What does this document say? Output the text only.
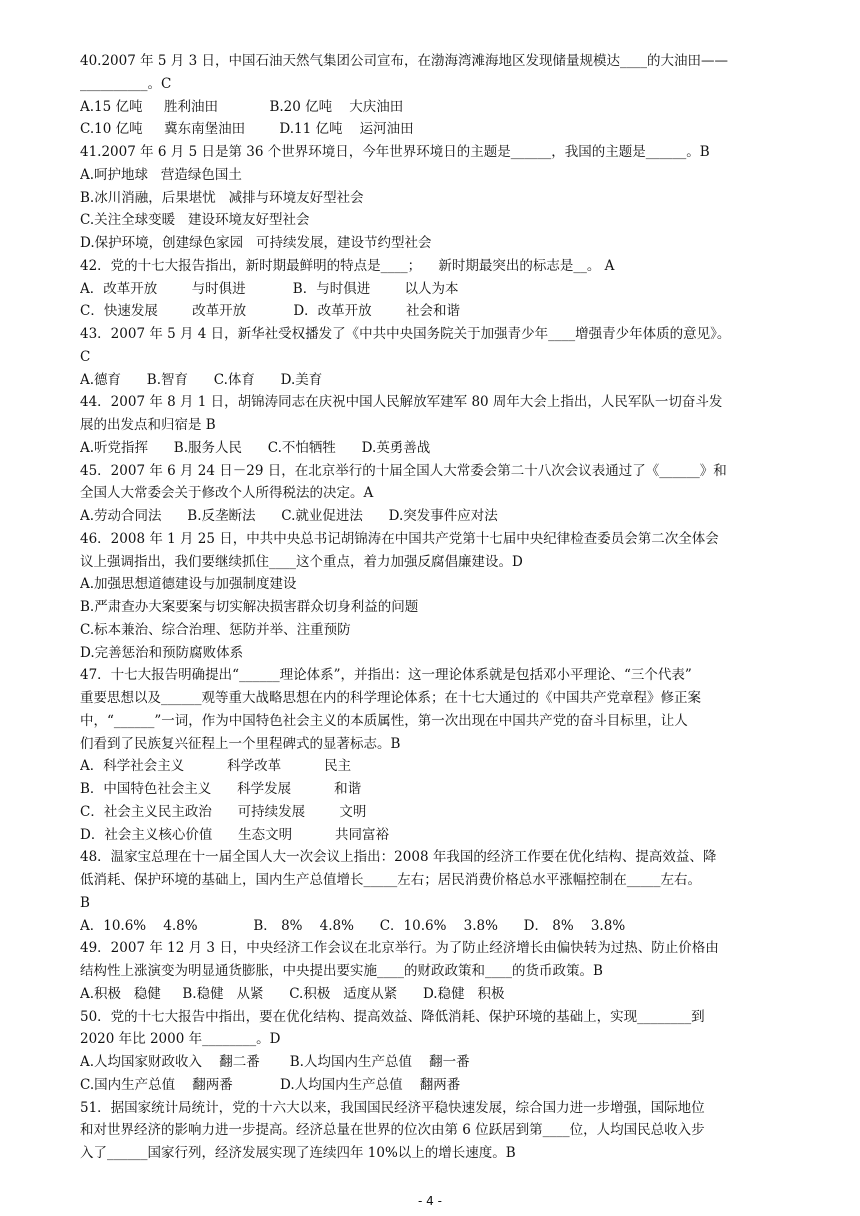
40.2007 年 5 月 3 日，中国石油天然气集团公司宣布，在渤海湾滩海地区发现储量规模达____的大油田——
__________。C
A.15 亿吨     胜利油田            B.20 亿吨    大庆油田
C.10 亿吨     冀东南堡油田        D.11 亿吨    运河油田
41.2007 年 6 月 5 日是第 36 个世界环境日，今年世界环境日的主题是______，我国的主题是______。B
A.呵护地球   营造绿色国土
B.冰川消融，后果堪忧   减排与环境友好型社会
C.关注全球变暖   建设环境友好型社会
D.保护环境，创建绿色家园   可持续发展，建设节约型社会
42．党的十七大报告指出，新时期最鲜明的特点是____；    新时期最突出的标志是__。 A
A．改革开放        与时俱进           B．与时俱进        以人为本
C．快速发展        改革开放           D．改革开放        社会和谐
43．2007 年 5 月 4 日，新华社受权播发了《中共中央国务院关于加强青少年____增强青少年体质的意见》。
C
A.德育      B.智育      C.体育      D.美育
44．2007 年 8 月 1 日，胡锦涛同志在庆祝中国人民解放军建军 80 周年大会上指出，人民军队一切奋斗发
展的出发点和归宿是 B
A.听党指挥      B.服务人民      C.不怕牺牲      D.英勇善战
45．2007 年 6 月 24 日－29 日，在北京举行的十届全国人大常委会第二十八次会议表通过了《______》和
全国人大常委会关于修改个人所得税法的决定。A
A.劳动合同法      B.反垄断法      C.就业促进法      D.突发事件应对法
46．2008 年 1 月 25 日，中共中央总书记胡锦涛在中国共产党第十七届中央纪律检查委员会第二次全体会
议上强调指出，我们要继续抓住____这个重点，着力加强反腐倡廉建设。D
A.加强思想道德建设与加强制度建设
B.严肃查办大案要案与切实解决损害群众切身利益的问题
C.标本兼治、综合治理、惩防并举、注重预防
D.完善惩治和预防腐败体系
47．十七大报告明确提出“______理论体系”，并指出：这一理论体系就是包括邓小平理论、“三个代表”
重要思想以及______观等重大战略思想在内的科学理论体系；在十七大通过的《中国共产党章程》修正案
中，“______”一词，作为中国特色社会主义的本质属性，第一次出现在中国共产党的奋斗目标里，让人
们看到了民族复兴征程上一个里程碑式的显著标志。B
A．科学社会主义          科学改革          民主
B．中国特色社会主义      科学发展          和谐
C．社会主义民主政治      可持续发展        文明
D．社会主义核心价值      生态文明          共同富裕
48．温家宝总理在十一届全国人大一次会议上指出：2008 年我国的经济工作要在优化结构、提高效益、降
低消耗、保护环境的基础上，国内生产总值增长_____左右；居民消费价格总水平涨幅控制在_____左右。
B
A．10.6%    4.8%             B． 8%    4.8%      C．10.6%    3.8%      D． 8%    3.8%
49．2007 年 12 月 3 日，中央经济工作会议在北京举行。为了防止经济增长由偏快转为过热、防止价格由
结构性上涨演变为明显通货膨胀，中央提出要实施____的财政政策和____的货币政策。B
A.积极   稳健     B.稳健   从紧      C.积极   适度从紧      D.稳健   积极
50．党的十七大报告中指出，要在优化结构、提高效益、降低消耗、保护环境的基础上，实现________到
2020 年比 2000 年________。D
A.人均国家财政收入    翻二番       B.人均国内生产总值    翻一番
C.国内生产总值    翻两番           D.人均国内生产总值    翻两番
51．据国家统计局统计，党的十六大以来，我国国民经济平稳快速发展，综合国力进一步增强，国际地位
和对世界经济的影响力进一步提高。经济总量在世界的位次由第 6 位跃居到第____位，人均国民总收入步
入了______国家行列，经济发展实现了连续四年 10%以上的增长速度。B
- 4 -
